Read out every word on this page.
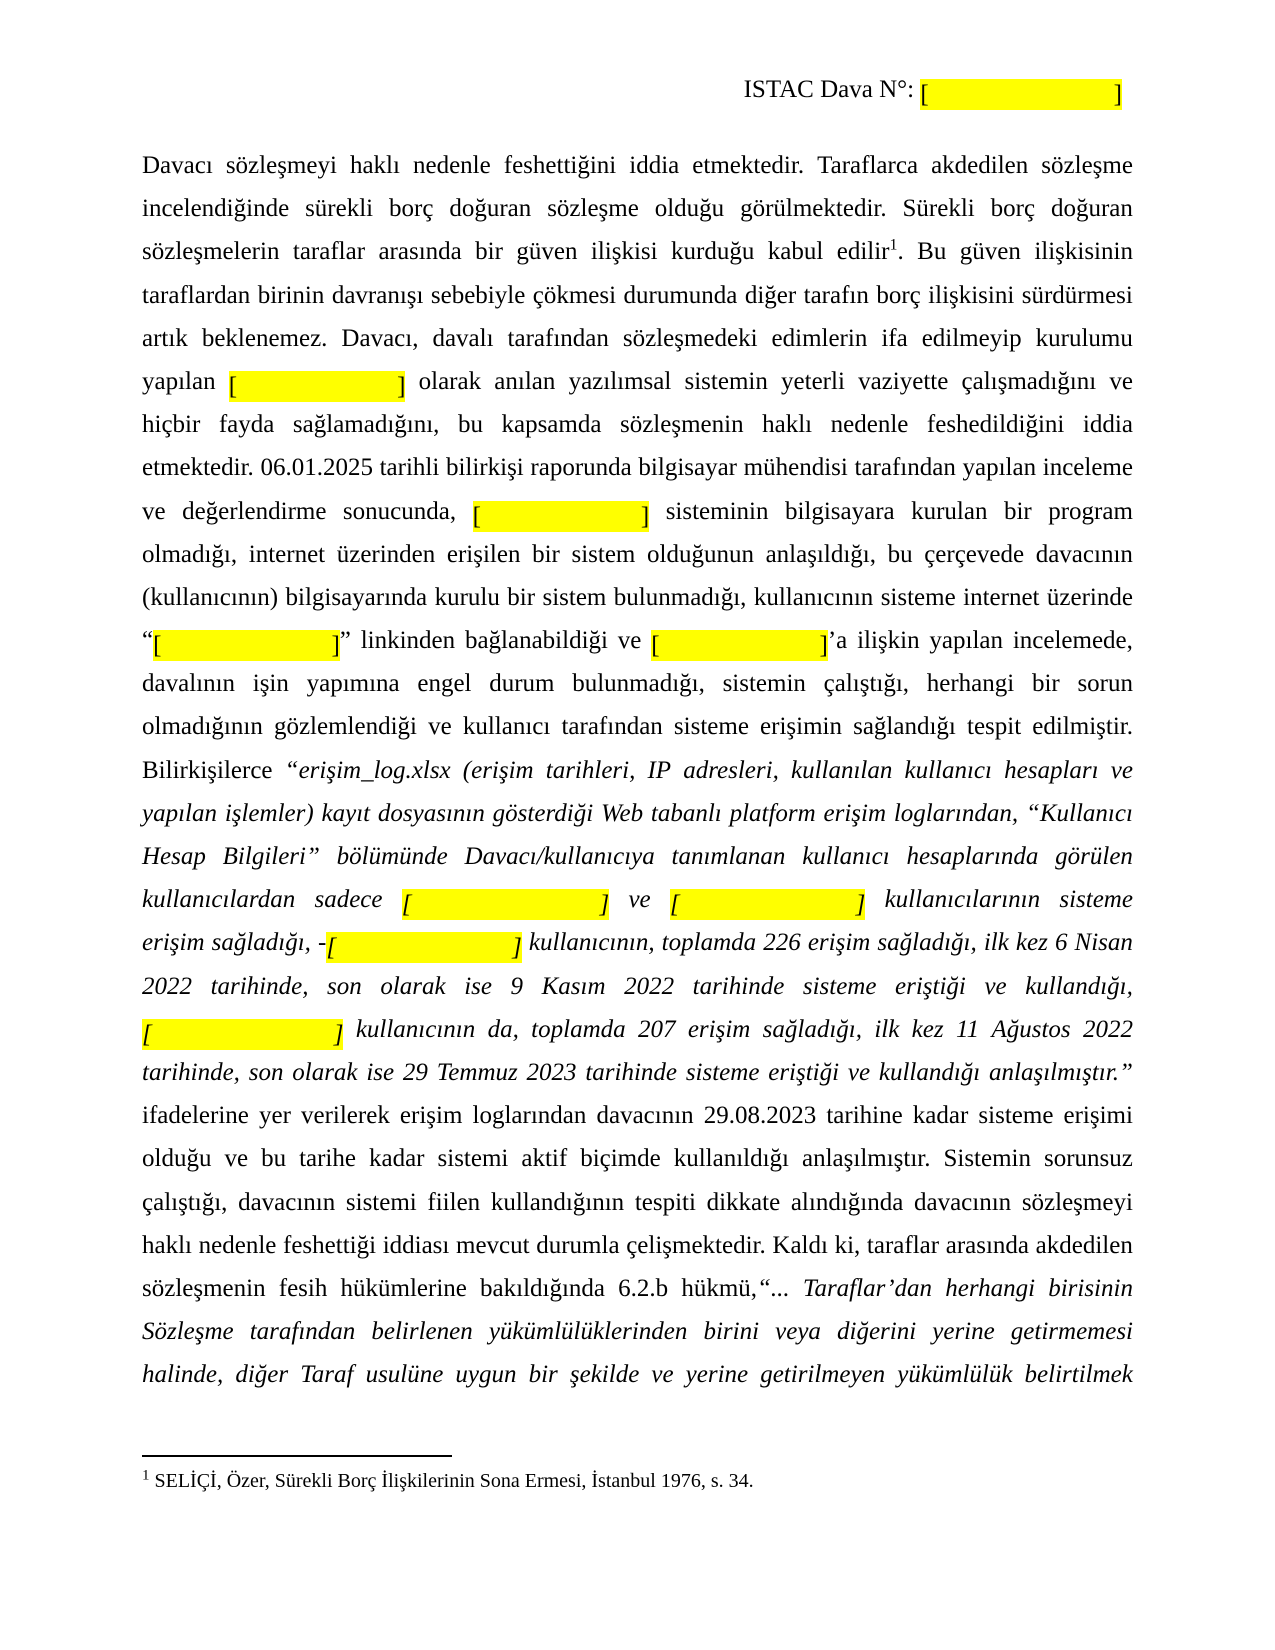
ISTAC Dava N°: [	]
Davacı sözleşmeyi haklı nedenle feshettiğini iddia etmektedir. Taraflarca akdedilen sözleşme
incelendiğinde sürekli borç doğuran sözleşme olduğu görülmektedir. Sürekli borç doğuran
sözleşmelerin taraflar arasında bir güven ilişkisi kurduğu kabul edilir$^1$. Bu güven ilişkisinin
taraflardan birinin davranışı sebebiyle çökmesi durumunda diğer tarafın borç ilişkisini sürdürmesi
artık beklenemez. Davacı, davalı tarafından sözleşmedeki edimlerin ifa edilmeyip kurulumu
yapılan [	] olarak anılan yazılımsal sistemin yeterli vaziyette çalışmadığını ve
hiçbir fayda sağlamadığını, bu kapsamda sözleşmenin haklı nedenle feshedildiğini iddia
etmektedir. 06.01.2025 tarihli bilirkişi raporunda bilgisayar mühendisi tarafından yapılan inceleme
ve değerlendirme sonucunda, [	] sisteminin bilgisayara kurulan bir program
olmadığı, internet üzerinden erişilen bir sistem olduğunun anlaşıldığı, bu çerçevede davacının
(kullanıcının) bilgisayarında kurulu bir sistem bulunmadığı, kullanıcının sisteme internet üzerinde
“[	]” linkinden bağlanabildiği ve [	]’a ilişkin yapılan incelemede,
davalının işin yapımına engel durum bulunmadığı, sistemin çalıştığı, herhangi bir sorun
olmadığının gözlemlendiği ve kullanıcı tarafından sisteme erişimin sağlandığı tespit edilmiştir.
Bilirkişilerce “erişim_log.xlsx (erişim tarihleri, IP adresleri, kullanılan kullanıcı hesapları ve
yapılan işlemler) kayıt dosyasının gösterdiği Web tabanlı platform erişim loglarından, “Kullanıcı
Hesap Bilgileri” bölümünde Davacı/kullanıcıya tanımlanan kullanıcı hesaplarında görülen
kullanıcılardan sadece [	] ve [	] kullanıcılarının sisteme
erişim sağladığı, -[	] kullanıcının, toplamda 226 erişim sağladığı, ilk kez 6 Nisan
2022 tarihinde, son olarak ise 9 Kasım 2022 tarihinde sisteme eriştiği ve kullandığı,
[	] kullanıcının da, toplamda 207 erişim sağladığı, ilk kez 11 Ağustos 2022
tarihinde, son olarak ise 29 Temmuz 2023 tarihinde sisteme eriştiği ve kullandığı anlaşılmıştır.”
ifadelerine yer verilerek erişim loglarından davacının 29.08.2023 tarihine kadar sisteme erişimi
olduğu ve bu tarihe kadar sistemi aktif biçimde kullanıldığı anlaşılmıştır. Sistemin sorunsuz
çalıştığı, davacının sistemi fiilen kullandığının tespiti dikkate alındığında davacının sözleşmeyi
haklı nedenle feshettiği iddiası mevcut durumla çelişmektedir. Kaldı ki, taraflar arasında akdedilen
sözleşmenin fesih hükümlerine bakıldığında 6.2.b hükmü,“... Taraflar’dan herhangi birisinin
Sözleşme tarafından belirlenen yükümlülüklerinden birini veya diğerini yerine getirmemesi
halinde, diğer Taraf usulüne uygun bir şekilde ve yerine getirilmeyen yükümlülük belirtilmek
$^1$ SELİÇİ, Özer, Sürekli Borç İlişkilerinin Sona Ermesi, İstanbul 1976, s. 34.
